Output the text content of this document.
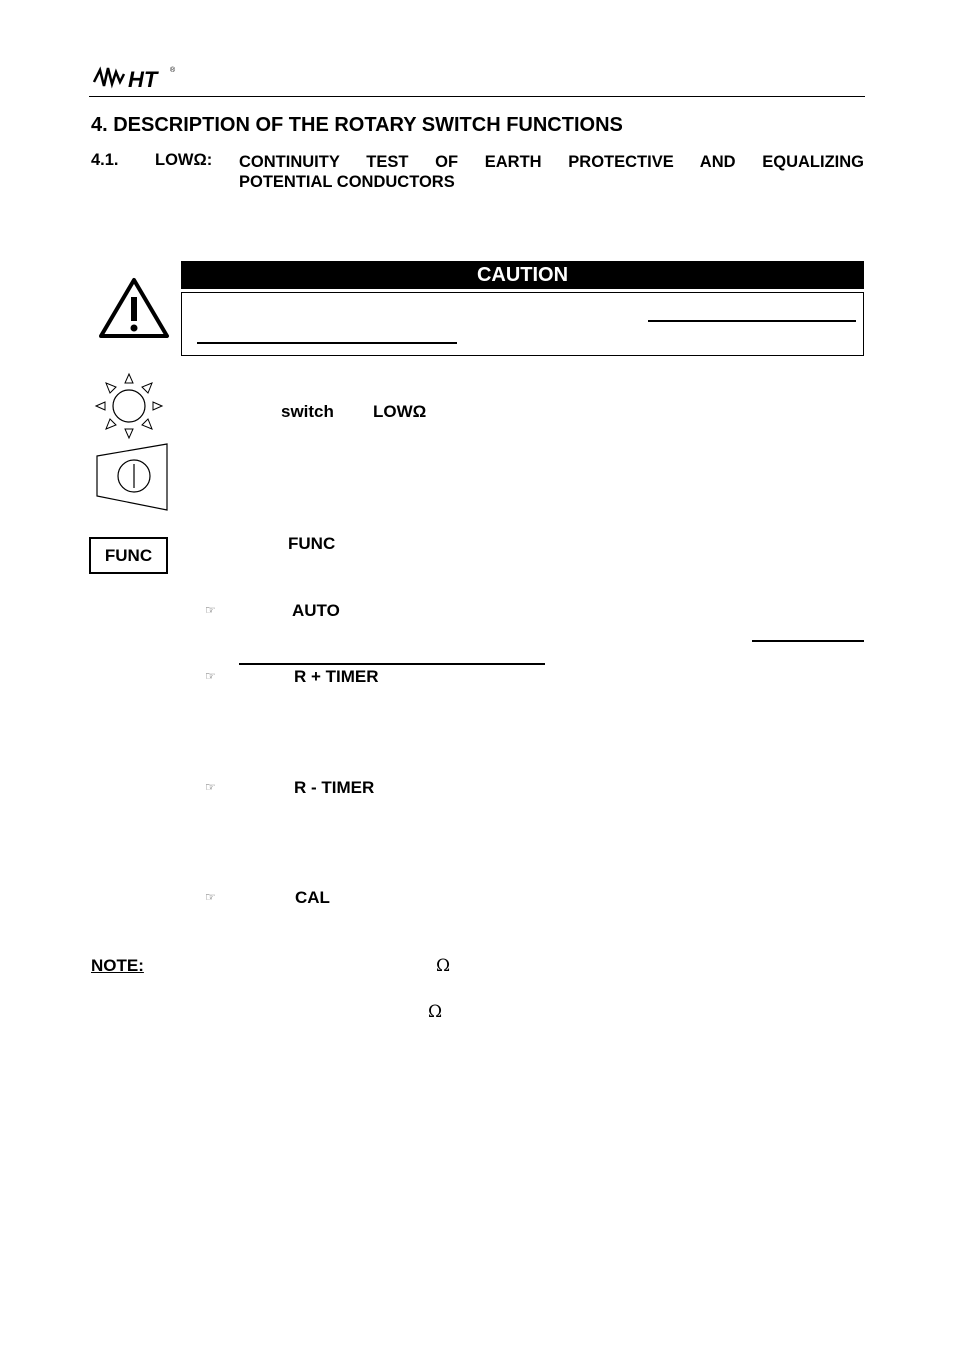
HT ®
4. DESCRIPTION OF THE ROTARY SWITCH FUNCTIONS
4.1. LOWΩ: CONTINUITY TEST OF EARTH PROTECTIVE AND EQUALIZING
POTENTIAL CONDUCTORS
CAUTION
switch LOWΩ
FUNC
FUNC
☞	AUTO
☞	R + TIMER
☞	R - TIMER
☞	CAL
NOTE:	Ω
Ω
